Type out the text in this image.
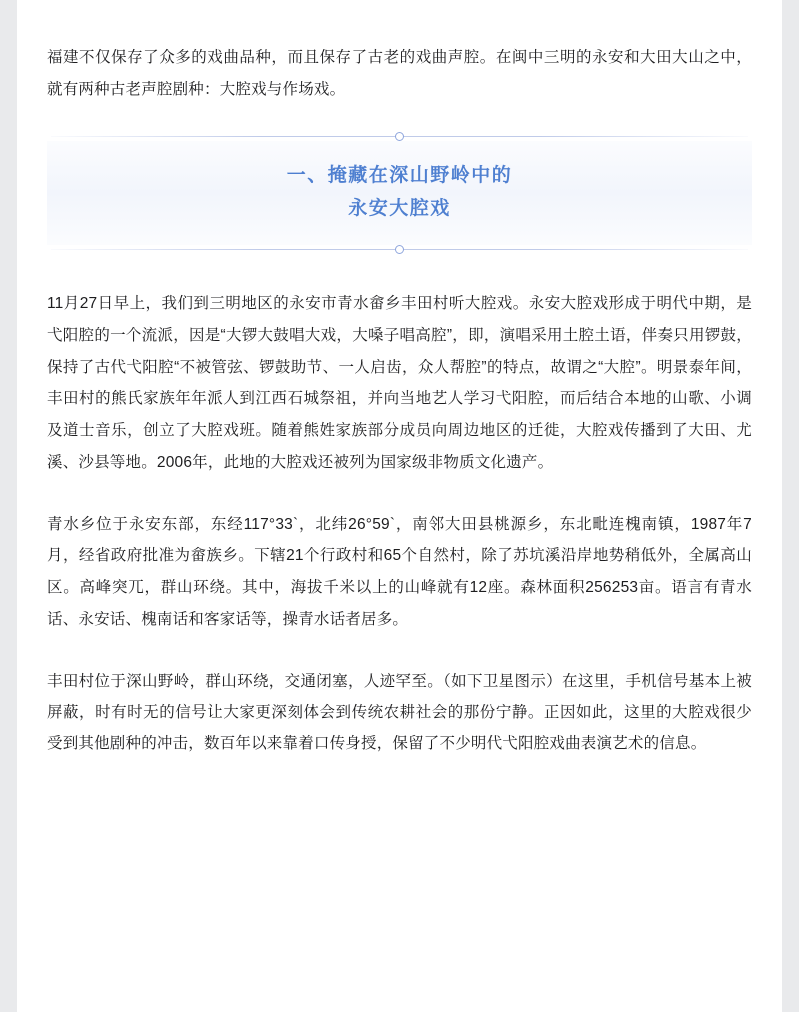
福建不仅保存了众多的戏曲品种，而且保存了古老的戏曲声腔。在闽中三明的永安和大田大山之中，就有两种古老声腔剧种：大腔戏与作场戏。

一、掩藏在深山野岭中的
永安大腔戏

11月27日早上，我们到三明地区的永安市青水畲乡丰田村听大腔戏。永安大腔戏形成于明代中期，是弋阳腔的一个流派，因是“大锣大鼓唱大戏，大嗓子唱高腔”，即，演唱采用土腔土语，伴奏只用锣鼓，保持了古代弋阳腔“不被管弦、锣鼓助节、一人启齿，众人帮腔”的特点，故谓之“大腔”。明景泰年间，丰田村的熊氏家族年年派人到江西石城祭祖，并向当地艺人学习弋阳腔，而后结合本地的山歌、小调及道士音乐，创立了大腔戏班。随着熊姓家族部分成员向周边地区的迁徙，大腔戏传播到了大田、尤溪、沙县等地。2006年，此地的大腔戏还被列为国家级非物质文化遗产。

青水乡位于永安东部，东经117°33`，北纬26°59`，南邻大田县桃源乡，东北毗连槐南镇，1987年7月，经省政府批准为畲族乡。下辖21个行政村和65个自然村，除了苏坑溪沿岸地势稍低外，全属高山区。高峰突兀，群山环绕。其中，海拔千米以上的山峰就有12座。森林面积256253亩。语言有青水话、永安话、槐南话和客家话等，操青水话者居多。

丰田村位于深山野岭，群山环绕，交通闭塞，人迹罕至。（如下卫星图示）在这里，手机信号基本上被屏蔽，时有时无的信号让大家更深刻体会到传统农耕社会的那份宁静。正因如此，这里的大腔戏很少受到其他剧种的冲击，数百年以来靠着口传身授，保留了不少明代弋阳腔戏曲表演艺术的信息。
